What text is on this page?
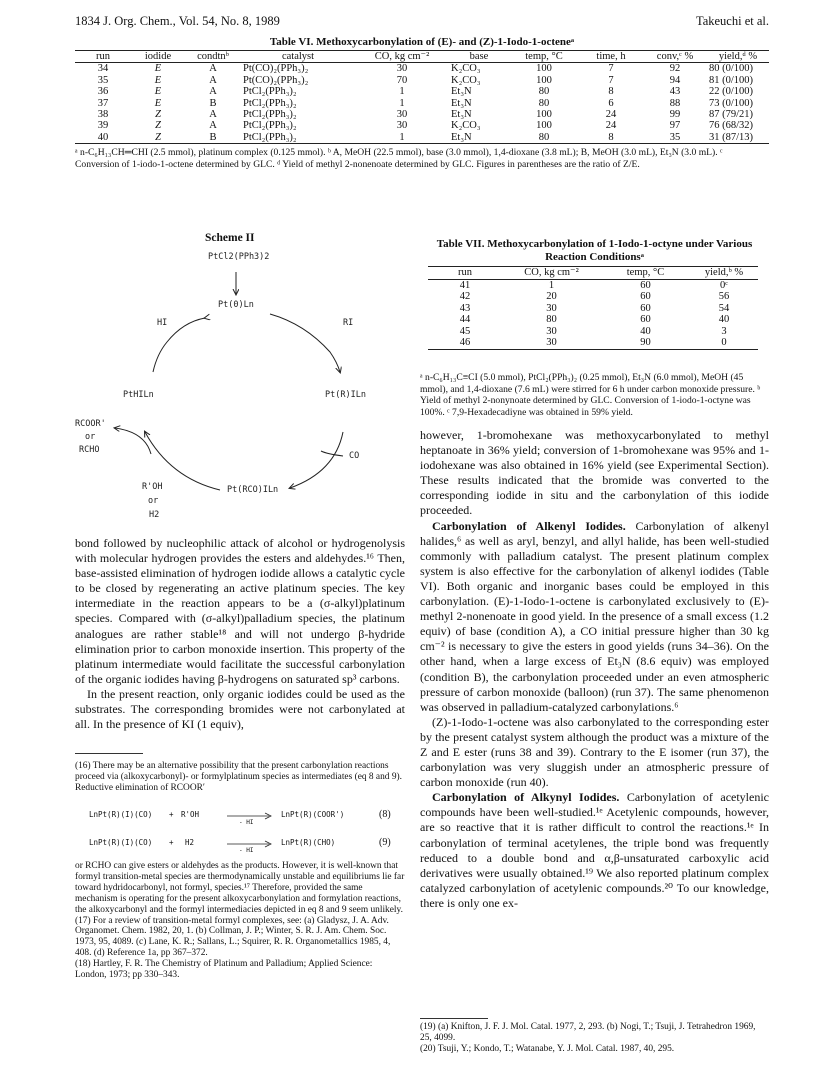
1834 J. Org. Chem., Vol. 54, No. 8, 1989	Takeuchi et al.
Table VI. Methoxycarbonylation of (E)- and (Z)-1-Iodo-1-octeneᵃ
run	iodide	condtnᵇ	catalyst	CO, kg cm⁻²	base	temp, °C	time, h	conv,ᶜ %	yield,ᵈ %
34	E	A	Pt(CO)₂(PPh₃)₂	30	K₂CO₃	100	7	92	80 (0/100)
35	E	A	Pt(CO)₂(PPh₃)₂	70	K₂CO₃	100	7	94	81 (0/100)
36	E	A	PtCl₂(PPh₃)₂	1	Et₃N	80	8	43	22 (0/100)
37	E	B	PtCl₂(PPh₃)₂	1	Et₃N	80	6	88	73 (0/100)
38	Z	A	PtCl₂(PPh₃)₂	30	Et₃N	100	24	99	87 (79/21)
39	Z	A	PtCl₂(PPh₃)₂	30	K₂CO₃	100	24	97	76 (68/32)
40	Z	B	PtCl₂(PPh₃)₂	1	Et₃N	80	8	35	31 (87/13)
ᵃ n-C₆H₁₃CH═CHI (2.5 mmol), platinum complex (0.125 mmol). ᵇ A, MeOH (22.5 mmol), base (3.0 mmol), 1,4-dioxane (3.8 mL); B, MeOH (3.0 mL), Et₃N (3.0 mL). ᶜ Conversion of 1-iodo-1-octene determined by GLC. ᵈ Yield of methyl 2-nonenoate determined by GLC. Figures in parentheses are the ratio of Z/E.
Scheme II
PtCl2(PPh3)2
Pt(0)Ln
HI	RI
PtHILn	Pt(R)ILn
RCOOR'
or
RCHO
CO
R'OH
or
H2
Pt(RCO)ILn
Table VII. Methoxycarbonylation of 1-Iodo-1-octyne under Various Reaction Conditionsᵃ
run	CO, kg cm⁻²	temp, °C	yield,ᵇ %
41	1	60	0ᶜ
42	20	60	56
43	30	60	54
44	80	60	40
45	30	40	3
46	30	90	0
ᵃ n-C₆H₁₃C≡CI (5.0 mmol), PtCl₂(PPh₃)₂ (0.25 mmol), Et₃N (6.0 mmol), MeOH (45 mmol), and 1,4-dioxane (7.6 mL) were stirred for 6 h under carbon monoxide pressure. ᵇ Yield of methyl 2-nonynoate determined by GLC. Conversion of 1-iodo-1-octyne was 100%. ᶜ 7,9-Hexadecadiyne was obtained in 59% yield.

bond followed by nucleophilic attack of alcohol or hydrogenolysis with molecular hydrogen provides the esters and aldehydes.¹⁶ Then, base-assisted elimination of hydrogen iodide allows a catalytic cycle to be closed by regenerating an active platinum species. The key intermediate in the reaction appears to be a (σ-alkyl)platinum species. Compared with (σ-alkyl)palladium species, the platinum analogues are rather stable¹⁸ and will not undergo β-hydride elimination prior to carbon monoxide insertion. This property of the platinum intermediate would facilitate the successful carbonylation of the organic iodides having β-hydrogens on saturated sp³ carbons.

In the present reaction, only organic iodides could be used as the substrates. The corresponding bromides were not carbonylated at all. In the presence of KI (1 equiv),

(16) There may be an alternative possibility that the present carbonylation reactions proceed via (alkoxycarbonyl)- or formylplatinum species as intermediates (eq 8 and 9). Reductive elimination of RCOOR′

LnPt(R)(I)(CO) + R'OH
- HI
LnPt(R)(COOR')	(8)
LnPt(R)(I)(CO) + H2
- HI
LnPt(R)(CHO)	(9)

or RCHO can give esters or aldehydes as the products. However, it is well-known that formyl transition-metal species are thermodynamically unstable and equilibriums lie far toward hydridocarbonyl, not formyl, species.¹⁷ Therefore, provided the same mechanism is operating for the present alkoxycarbonylation and formylation reactions, the alkoxycarbonyl and the formyl intermediacies depicted in eq 8 and 9 seem unlikely.

(17) For a review of transition-metal formyl complexes, see: (a) Gladysz, J. A. Adv. Organomet. Chem. 1982, 20, 1. (b) Collman, J. P.; Winter, S. R. J. Am. Chem. Soc. 1973, 95, 4089. (c) Lane, K. R.; Sallans, L.; Squirer, R. R. Organometallics 1985, 4, 408. (d) Reference 1a, pp 367–372.

(18) Hartley, F. R. The Chemistry of Platinum and Palladium; Applied Science: London, 1973; pp 330–343.

however, 1-bromohexane was methoxycarbonylated to methyl heptanoate in 36% yield; conversion of 1-bromohexane was 95% and 1-iodohexane was also obtained in 16% yield (see Experimental Section). These results indicated that the bromide was converted to the corresponding iodide in situ and the carbonylation of this iodide proceeded.

Carbonylation of Alkenyl Iodides. Carbonylation of alkenyl halides,⁶ as well as aryl, benzyl, and allyl halide, has been well-studied commonly with palladium catalyst. The present platinum complex system is also effective for the carbonylation of alkenyl iodides (Table VI). Both organic and inorganic bases could be employed in this carbonylation. (E)-1-Iodo-1-octene is carbonylated exclusively to (E)-methyl 2-nonenoate in good yield. In the presence of a small excess (1.2 equiv) of base (condition A), a CO initial pressure higher than 30 kg cm⁻² is necessary to give the esters in good yields (runs 34–36). On the other hand, when a large excess of Et₃N (8.6 equiv) was employed (condition B), the carbonylation proceeded under an even atmospheric pressure of carbon monoxide (balloon) (run 37). The same phenomenon was observed in palladium-catalyzed carbonylations.⁶

(Z)-1-Iodo-1-octene was also carbonylated to the corresponding ester by the present catalyst system although the product was a mixture of the Z and E ester (runs 38 and 39). Contrary to the E isomer (run 37), the carbonylation was very sluggish under an atmospheric pressure of carbon monoxide (run 40).

Carbonylation of Alkynyl Iodides. Carbonylation of acetylenic compounds have been well-studied.¹ᵉ Acetylenic compounds, however, are so reactive that it is rather difficult to control the reactions.¹ᵉ In carbonylation of terminal acetylenes, the triple bond was frequently reduced to a double bond and α,β-unsaturated carboxylic acid derivatives were usually obtained.¹⁹ We also reported platinum complex catalyzed carbonylation of acetylenic compounds.²⁰ To our knowledge, there is only one ex-

(19) (a) Knifton, J. F. J. Mol. Catal. 1977, 2, 293. (b) Nogi, T.; Tsuji, J. Tetrahedron 1969, 25, 4099.

(20) Tsuji, Y.; Kondo, T.; Watanabe, Y. J. Mol. Catal. 1987, 40, 295.
